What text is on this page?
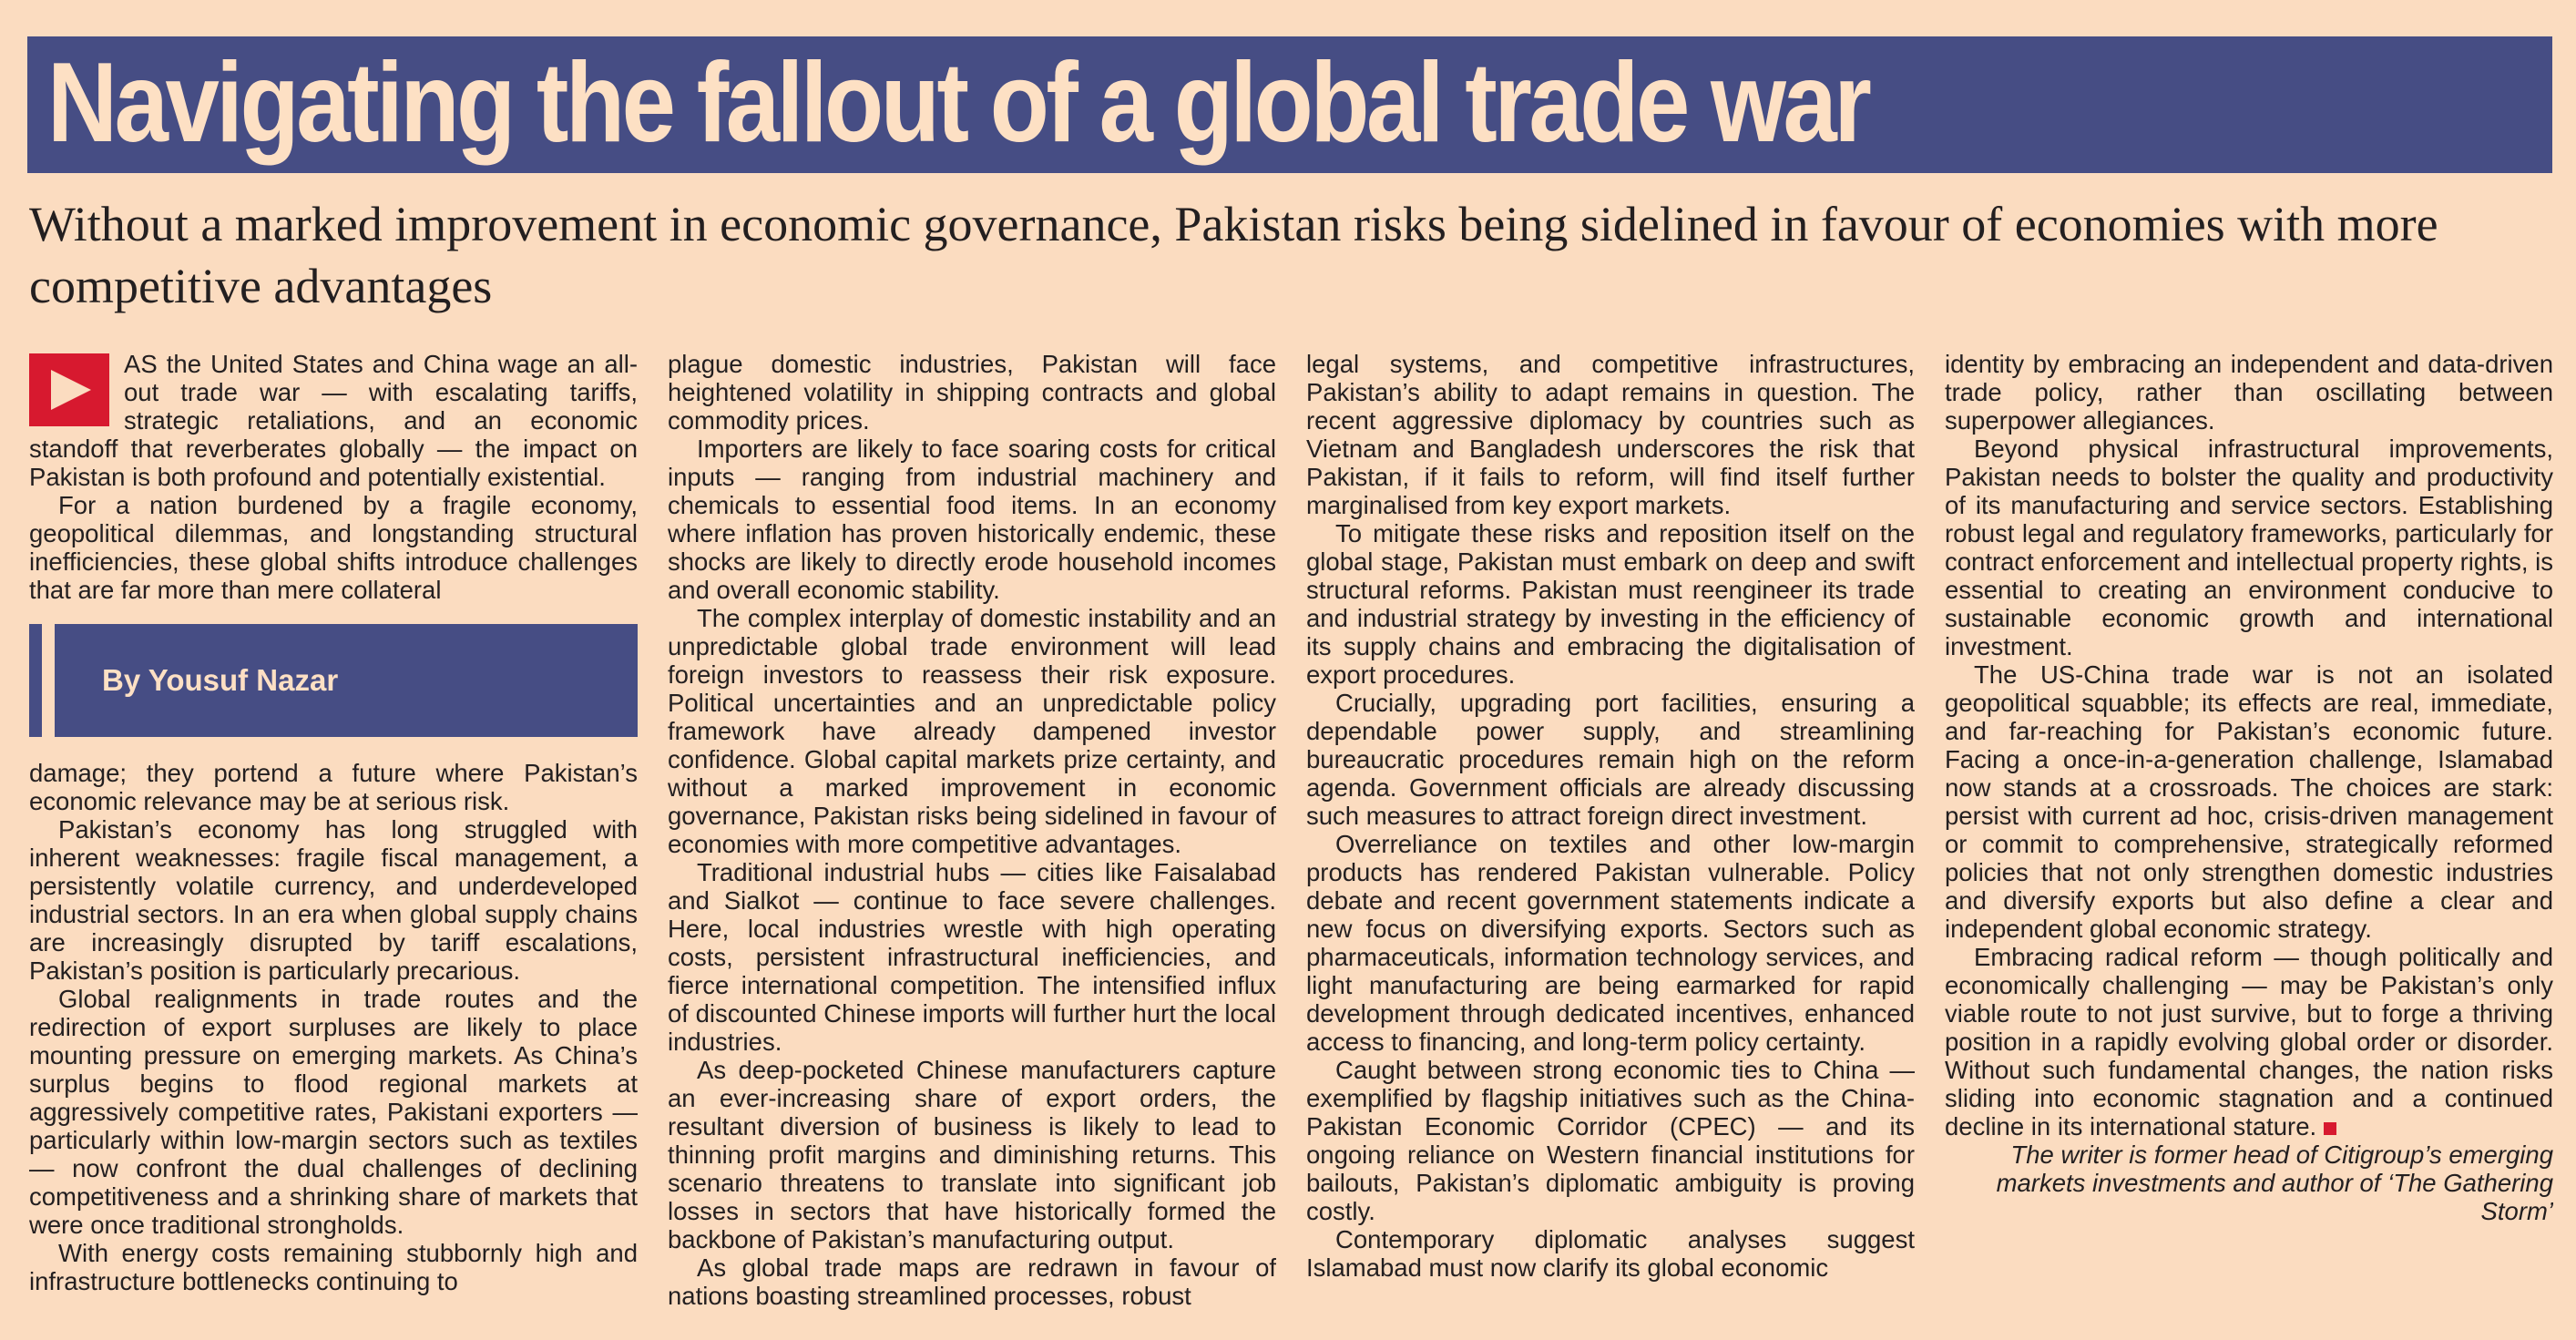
Navigating the fallout of a global trade war
Without a marked improvement in economic governance, Pakistan risks being sidelined in favour of economies with more competitive advantages

AS the United States and China wage an all-out trade war — with escalating tariffs, strategic retaliations, and an economic standoff that reverberates globally — the impact on Pakistan is both profound and potentially existential.

For a nation burdened by a fragile economy, geopolitical dilemmas, and longstanding structural inefficiencies, these global shifts introduce challenges that are far more than mere collateral

By Yousuf Nazar

damage; they portend a future where Pakistan’s economic relevance may be at serious risk.

Pakistan’s economy has long struggled with inherent weaknesses: fragile fiscal management, a persistently volatile currency, and underdeveloped industrial sectors. In an era when global supply chains are increasingly disrupted by tariff escalations, Pakistan’s position is particularly precarious.

Global realignments in trade routes and the redirection of export surpluses are likely to place mounting pressure on emerging markets. As China’s surplus begins to flood regional markets at aggressively competitive rates, Pakistani exporters — particularly within low-margin sectors such as textiles — now confront the dual challenges of declining competitiveness and a shrinking share of markets that were once traditional strongholds.

With energy costs remaining stubbornly high and infrastructure bottlenecks continuing to

plague domestic industries, Pakistan will face heightened volatility in shipping contracts and global commodity prices.

Importers are likely to face soaring costs for critical inputs — ranging from industrial machinery and chemicals to essential food items. In an economy where inflation has proven historically endemic, these shocks are likely to directly erode household incomes and overall economic stability.

The complex interplay of domestic instability and an unpredictable global trade environment will lead foreign investors to reassess their risk exposure. Political uncertainties and an unpredictable policy framework have already dampened investor confidence. Global capital markets prize certainty, and without a marked improvement in economic governance, Pakistan risks being sidelined in favour of economies with more competitive advantages.

Traditional industrial hubs — cities like Faisalabad and Sialkot — continue to face severe challenges. Here, local industries wrestle with high operating costs, persistent infrastructural inefficiencies, and fierce international competition. The intensified influx of discounted Chinese imports will further hurt the local industries.

As deep-pocketed Chinese manufacturers capture an ever-increasing share of export orders, the resultant diversion of business is likely to lead to thinning profit margins and diminishing returns. This scenario threatens to translate into significant job losses in sectors that have historically formed the backbone of Pakistan’s manufacturing output.

As global trade maps are redrawn in favour of nations boasting streamlined processes, robust

legal systems, and competitive infrastructures, Pakistan’s ability to adapt remains in question. The recent aggressive diplomacy by countries such as Vietnam and Bangladesh underscores the risk that Pakistan, if it fails to reform, will find itself further marginalised from key export markets.

To mitigate these risks and reposition itself on the global stage, Pakistan must embark on deep and swift structural reforms. Pakistan must reengineer its trade and industrial strategy by investing in the efficiency of its supply chains and embracing the digitalisation of export procedures.

Crucially, upgrading port facilities, ensuring a dependable power supply, and streamlining bureaucratic procedures remain high on the reform agenda. Government officials are already discussing such measures to attract foreign direct investment.

Overreliance on textiles and other low-margin products has rendered Pakistan vulnerable. Policy debate and recent government statements indicate a new focus on diversifying exports. Sectors such as pharmaceuticals, information technology services, and light manufacturing are being earmarked for rapid development through dedicated incentives, enhanced access to financing, and long-term policy certainty.

Caught between strong economic ties to China — exemplified by flagship initiatives such as the China-Pakistan Economic Corridor (CPEC) — and its ongoing reliance on Western financial institutions for bailouts, Pakistan’s diplomatic ambiguity is proving costly.

Contemporary diplomatic analyses suggest Islamabad must now clarify its global economic

identity by embracing an independent and data-driven trade policy, rather than oscillating between superpower allegiances.

Beyond physical infrastructural improvements, Pakistan needs to bolster the quality and productivity of its manufacturing and service sectors. Establishing robust legal and regulatory frameworks, particularly for contract enforcement and intellectual property rights, is essential to creating an environment conducive to sustainable economic growth and international investment.

The US-China trade war is not an isolated geopolitical squabble; its effects are real, immediate, and far-reaching for Pakistan’s economic future. Facing a once-in-a-generation challenge, Islamabad now stands at a crossroads. The choices are stark: persist with current ad hoc, crisis-driven management or commit to comprehensive, strategically reformed policies that not only strengthen domestic industries and diversify exports but also define a clear and independent global economic strategy.

Embracing radical reform — though politically and economically challenging — may be Pakistan’s only viable route to not just survive, but to forge a thriving position in a rapidly evolving global order or disorder. Without such fundamental changes, the nation risks sliding into economic stagnation and a continued decline in its international stature.

The writer is former head of Citigroup’s emerging markets investments and author of ‘The Gathering Storm’
